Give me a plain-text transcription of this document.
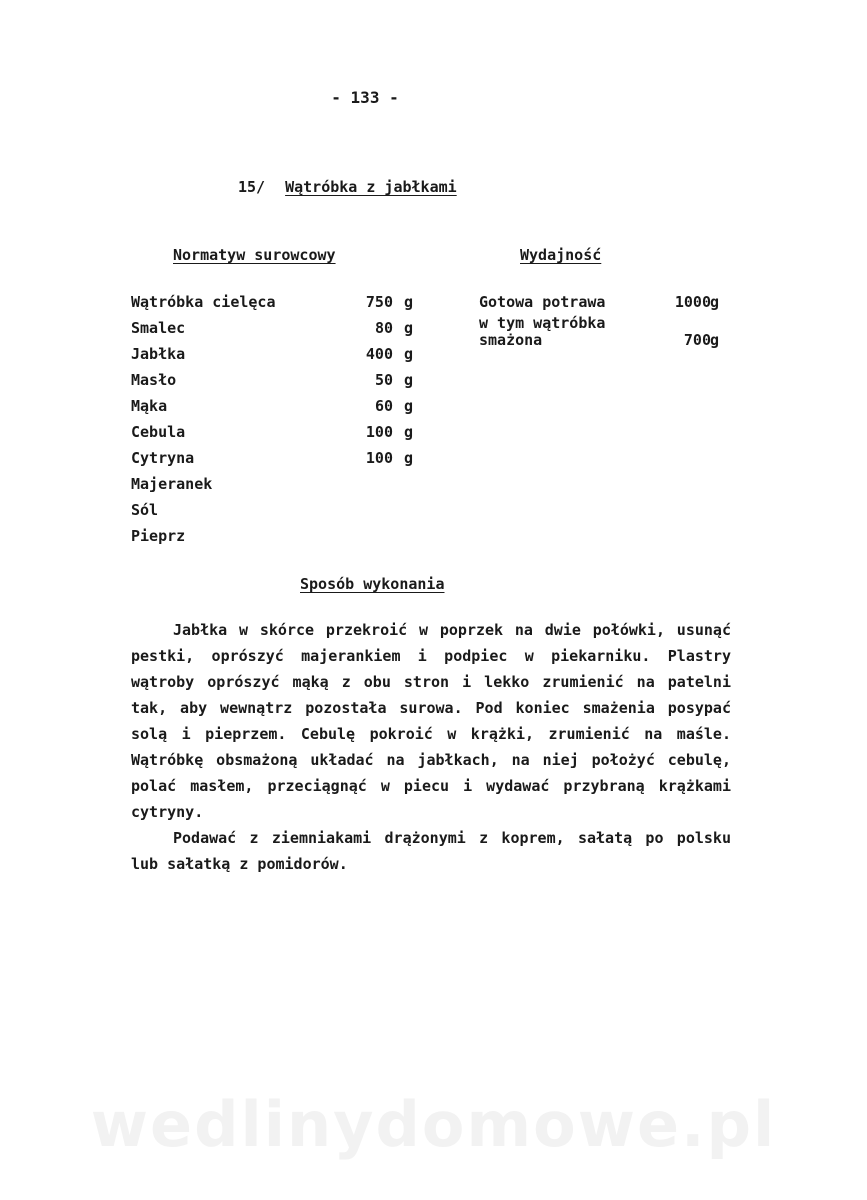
- 133 -
15/ Wątróbka z jabłkami
Normatyw surowcowy	Wydajność
Wątróbka cielęca	750 g
Smalec	80 g
Jabłka	400 g
Masło	50 g
Mąka	60 g
Cebula	100 g
Cytryna	100 g
Majeranek
Sól
Pieprz
Gotowa potrawa	1000 g
w tym wątróbka
smażona	700 g
Sposób wykonania

Jabłka w skórce przekroić w poprzek na dwie połówki, usunąć pestki, oprószyć majerankiem i podpiec w piekarniku. Plastry wątroby oprószyć mąką z obu stron i lekko zrumienić na patelni tak, aby wewnątrz pozostała surowa. Pod koniec smażenia posypać solą i pieprzem. Cebulę pokroić w krążki, zrumienić na maśle. Wątróbkę obsmażoną układać na jabłkach, na niej położyć cebulę, polać masłem, przeciągnąć w piecu i wydawać przybraną krążkami cytryny.

Podawać z ziemniakami drążonymi z koprem, sałatą po polsku lub sałatką z pomidorów.

wedlinydomowe.pl
